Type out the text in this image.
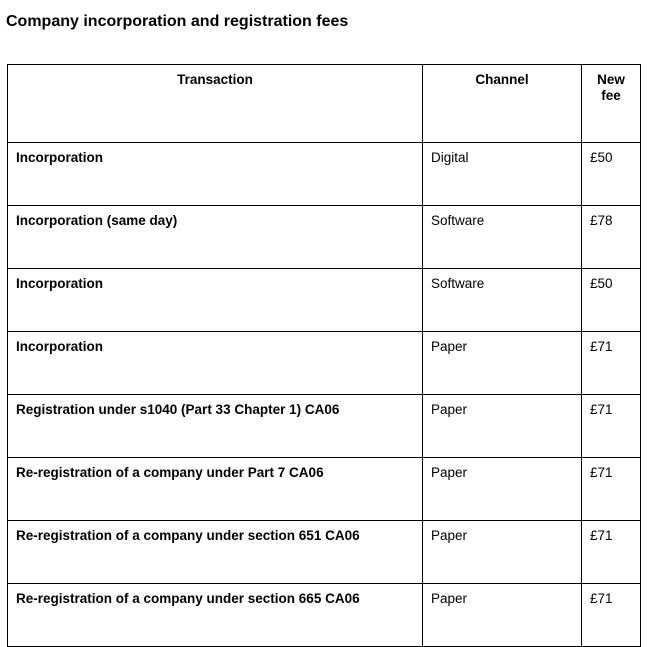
Company incorporation and registration fees
Transaction	Channel	New fee
Incorporation	Digital	£50
Incorporation (same day)	Software	£78
Incorporation	Software	£50
Incorporation	Paper	£71
Registration under s1040 (Part 33 Chapter 1) CA06	Paper	£71
Re-registration of a company under Part 7 CA06	Paper	£71
Re-registration of a company under section 651 CA06	Paper	£71
Re-registration of a company under section 665 CA06	Paper	£71
